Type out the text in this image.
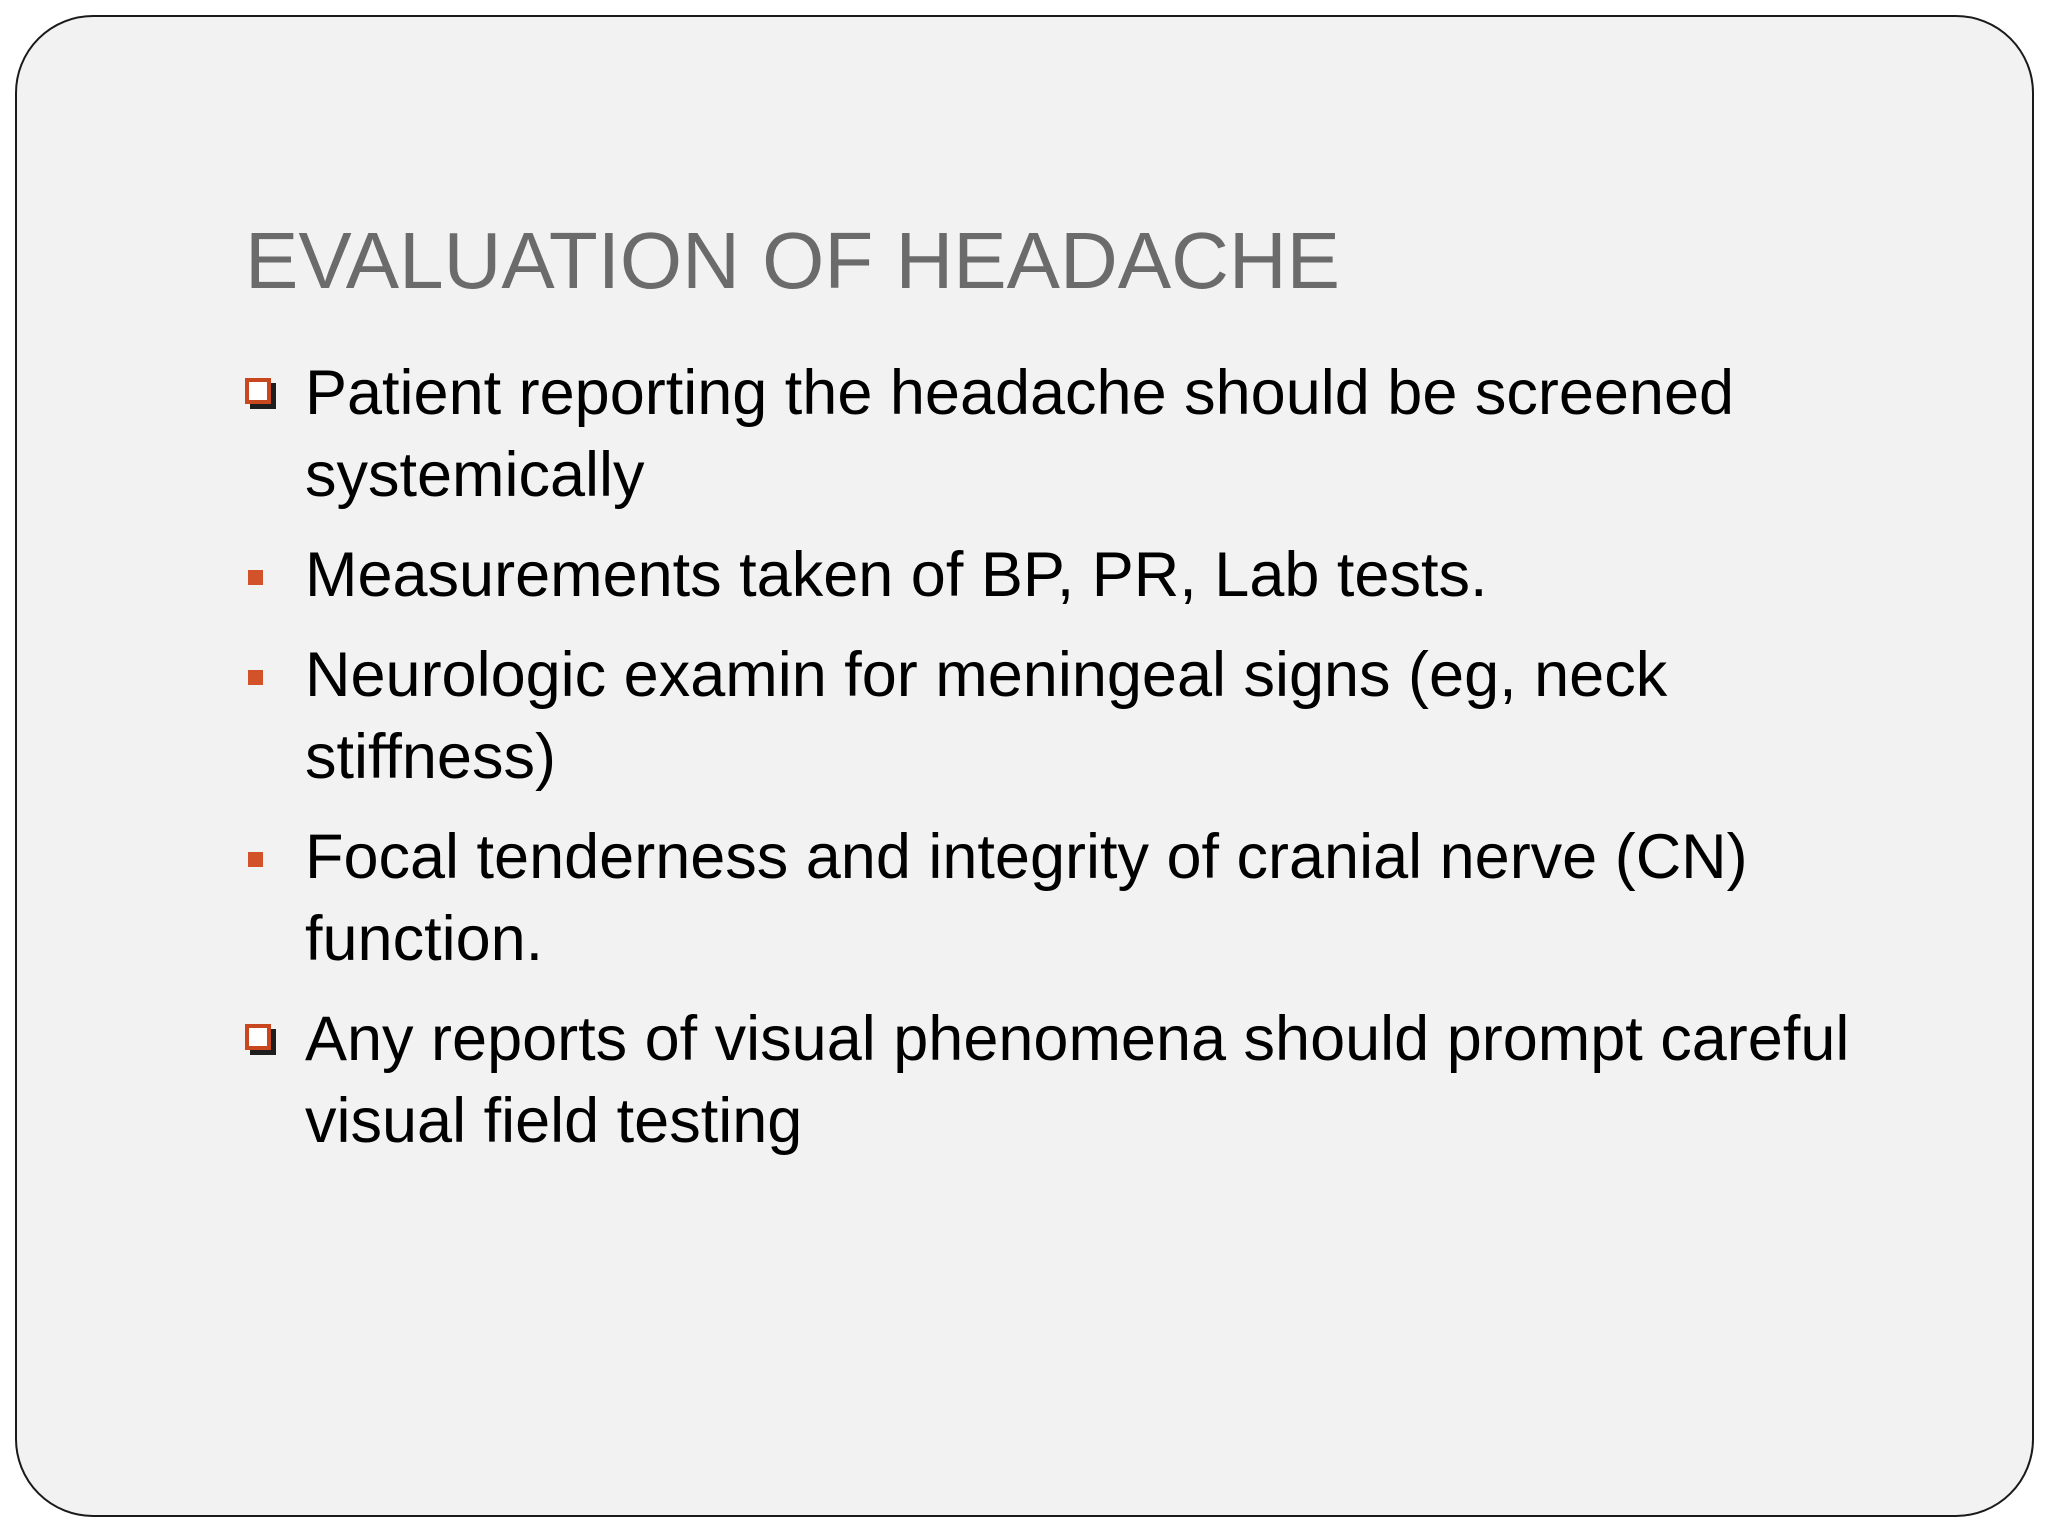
EVALUATION OF HEADACHE
Patient reporting the headache should be screened systemically
Measurements taken of BP, PR, Lab tests.
Neurologic examin for meningeal signs (eg, neck stiffness)
Focal tenderness and integrity of cranial nerve (CN) function.
Any reports of visual phenomena should prompt careful visual field testing
